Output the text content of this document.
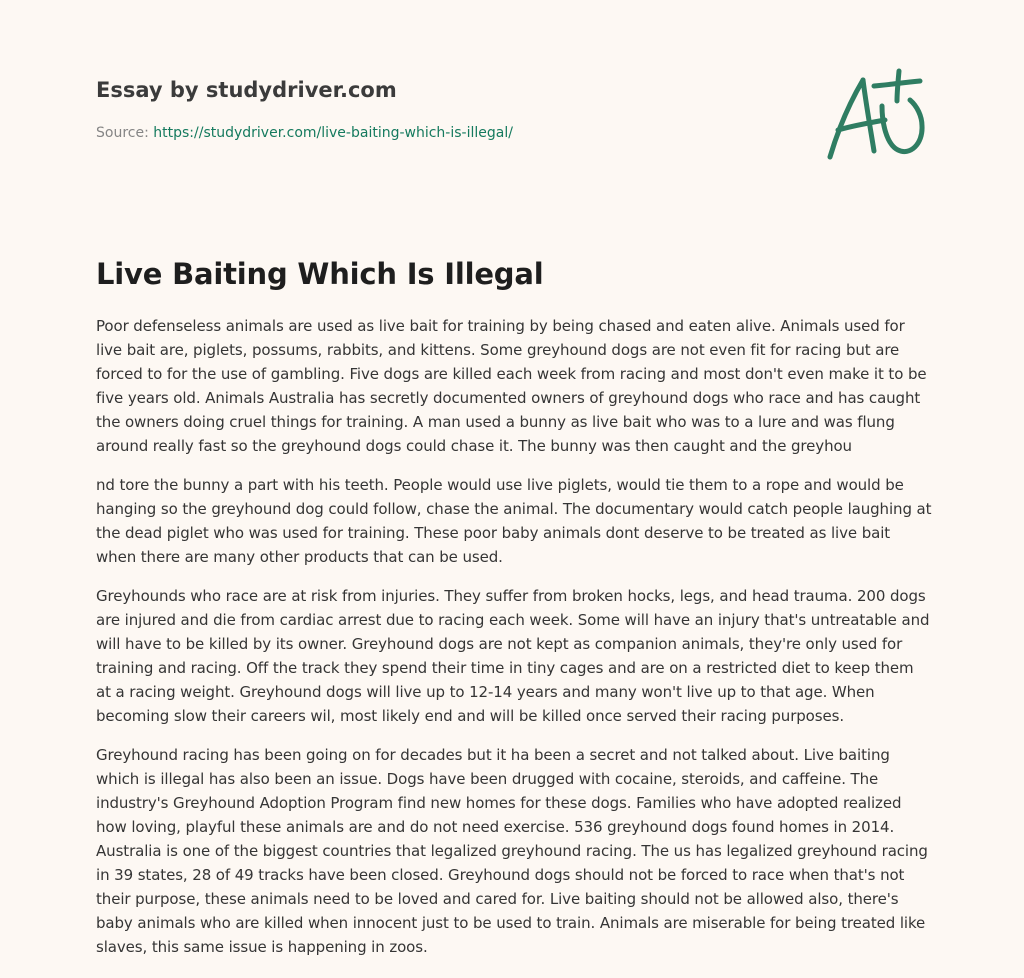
Essay by studydriver.com
Source: https://studydriver.com/live-baiting-which-is-illegal/
Live Baiting Which Is Illegal

Poor defenseless animals are used as live bait for training by being chased and eaten alive. Animals used for live bait are, piglets, possums, rabbits, and kittens. Some greyhound dogs are not even fit for racing but are forced to for the use of gambling. Five dogs are killed each week from racing and most don't even make it to be five years old. Animals Australia has secretly documented owners of greyhound dogs who race and has caught the owners doing cruel things for training. A man used a bunny as live bait who was to a lure and was flung around really fast so the greyhound dogs could chase it. The bunny was then caught and the greyhou

nd tore the bunny a part with his teeth. People would use live piglets, would tie them to a rope and would be hanging so the greyhound dog could follow, chase the animal. The documentary would catch people laughing at the dead piglet who was used for training. These poor baby animals dont deserve to be treated as live bait when there are many other products that can be used.

Greyhounds who race are at risk from injuries. They suffer from broken hocks, legs, and head trauma. 200 dogs are injured and die from cardiac arrest due to racing each week. Some will have an injury that's untreatable and will have to be killed by its owner. Greyhound dogs are not kept as companion animals, they're only used for training and racing. Off the track they spend their time in tiny cages and are on a restricted diet to keep them at a racing weight. Greyhound dogs will live up to 12-14 years and many won't live up to that age. When becoming slow their careers wil, most likely end and will be killed once served their racing purposes.

Greyhound racing has been going on for decades but it ha been a secret and not talked about. Live baiting which is illegal has also been an issue. Dogs have been drugged with cocaine, steroids, and caffeine. The industry's Greyhound Adoption Program find new homes for these dogs. Families who have adopted realized how loving, playful these animals are and do not need exercise. 536 greyhound dogs found homes in 2014. Australia is one of the biggest countries that legalized greyhound racing. The us has legalized greyhound racing in 39 states, 28 of 49 tracks have been closed. Greyhound dogs should not be forced to race when that's not their purpose, these animals need to be loved and cared for. Live baiting should not be allowed also, there's baby animals who are killed when innocent just to be used to train. Animals are miserable for being treated like slaves, this same issue is happening in zoos.
